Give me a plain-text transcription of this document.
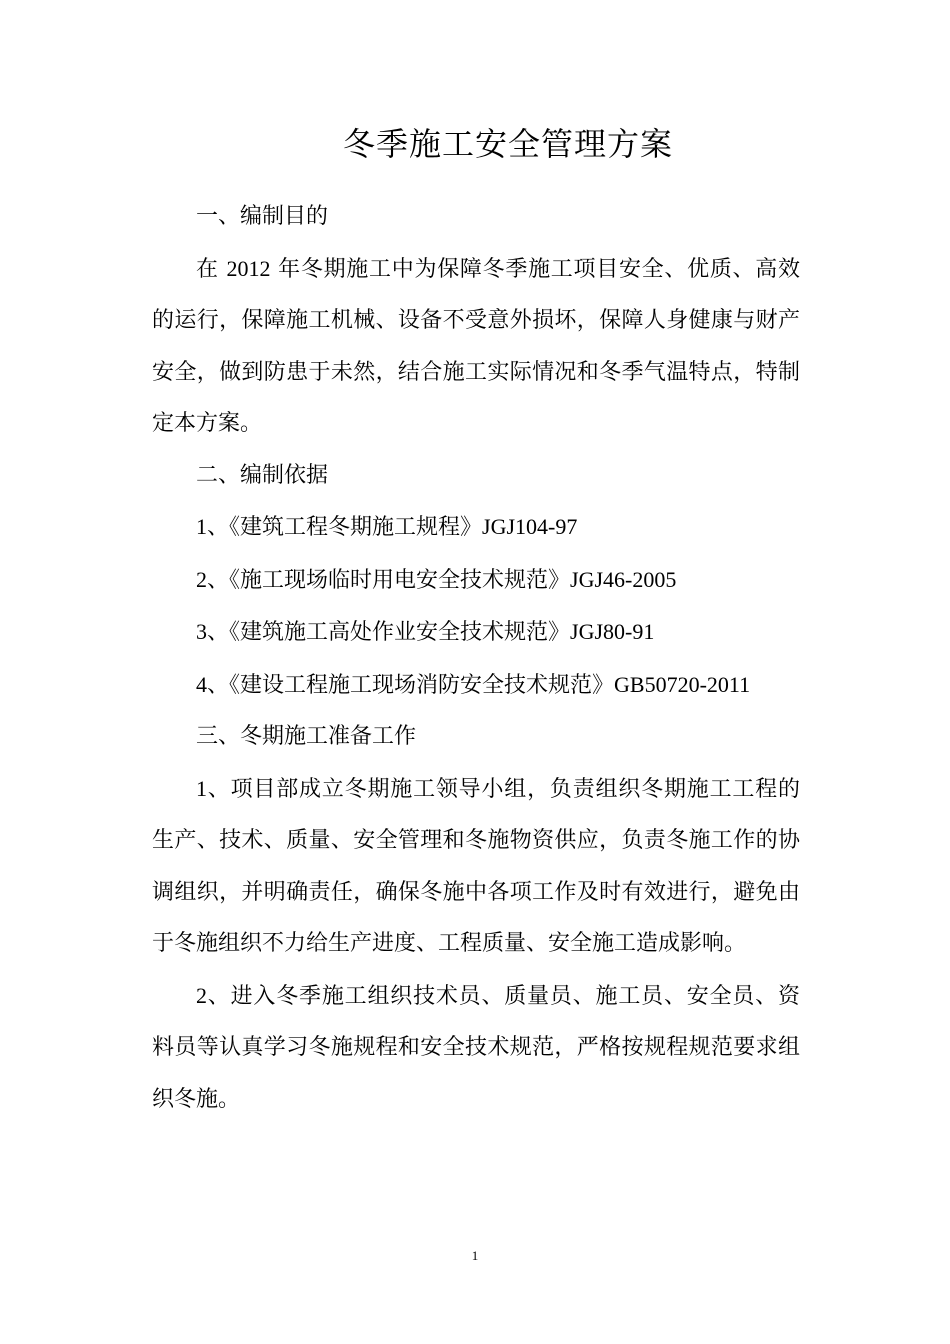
冬季施工安全管理方案

一、编制目的

在 2012 年冬期施工中为保障冬季施工项目安全、优质、高效的运行，保障施工机械、设备不受意外损坏，保障人身健康与财产安全，做到防患于未然，结合施工实际情况和冬季气温特点，特制定本方案。

二、编制依据

1、《建筑工程冬期施工规程》JGJ104-97

2、《施工现场临时用电安全技术规范》JGJ46-2005

3、《建筑施工高处作业安全技术规范》JGJ80-91

4、《建设工程施工现场消防安全技术规范》GB50720-2011

三、冬期施工准备工作

1、项目部成立冬期施工领导小组，负责组织冬期施工工程的生产、技术、质量、安全管理和冬施物资供应，负责冬施工作的协调组织，并明确责任，确保冬施中各项工作及时有效进行，避免由于冬施组织不力给生产进度、工程质量、安全施工造成影响。

2、进入冬季施工组织技术员、质量员、施工员、安全员、资料员等认真学习冬施规程和安全技术规范，严格按规程规范要求组织冬施。

1
